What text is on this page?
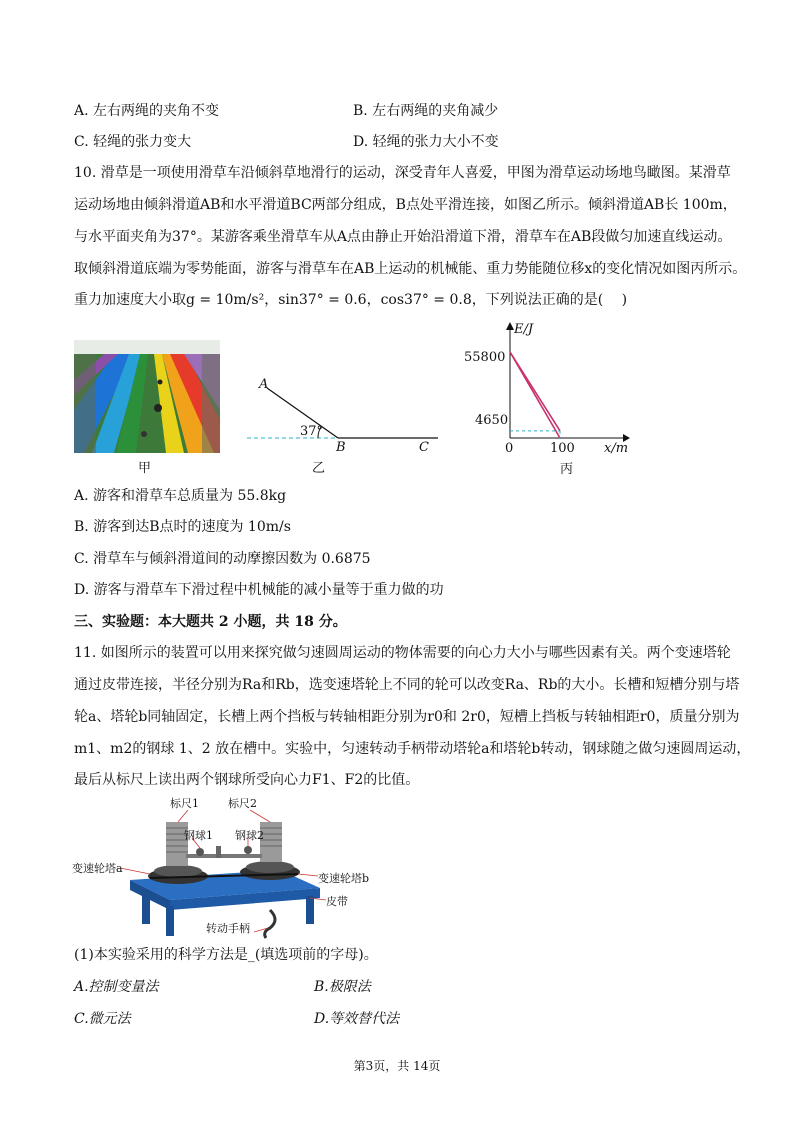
A. 左右两绳的夹角不变	B. 左右两绳的夹角减少
C. 轻绳的张力变大	D. 轻绳的张力大小不变
10. 滑草是一项使用滑草车沿倾斜草地滑行的运动，深受青年人喜爱，甲图为滑草运动场地鸟瞰图。某滑草
运动场地由倾斜滑道AB和水平滑道BC两部分组成，B点处平滑连接，如图乙所示。倾斜滑道AB长 100m，
与水平面夹角为37°。某游客乘坐滑草车从A点由静止开始沿滑道下滑，滑草车在AB段做匀加速直线运动。
取倾斜滑道底端为零势能面，游客与滑草车在AB上运动的机械能、重力势能随位移x的变化情况如图丙所示。
重力加速度大小取g = 10m/s²，sin37° = 0.6，cos37° = 0.8，下列说法正确的是(　 )
甲
A
B	C
37°
乙
E/J
55800
4650
0	100 x/m
丙
A. 游客和滑草车总质量为 55.8kg
B. 游客到达B点时的速度为 10m/s
C. 滑草车与倾斜滑道间的动摩擦因数为 0.6875
D. 游客与滑草车下滑过程中机械能的减小量等于重力做的功
三、实验题：本大题共 2 小题，共 18 分。
11. 如图所示的装置可以用来探究做匀速圆周运动的物体需要的向心力大小与哪些因素有关。两个变速塔轮
通过皮带连接，半径分别为Ra和Rb，选变速塔轮上不同的轮可以改变Ra、Rb的大小。长槽和短槽分别与塔
轮a、塔轮b同轴固定，长槽上两个挡板与转轴相距分别为r0和 2r0，短槽上挡板与转轴相距r0，质量分别为
m1、m2的钢球 1、2 放在槽中。实验中，匀速转动手柄带动塔轮a和塔轮b转动，钢球随之做匀速圆周运动，
最后从标尺上读出两个钢球所受向心力F1、F2的比值。
标尺1	标尺2
钢球1 钢球2
变速轮塔a
变速轮塔b
皮带
转动手柄
(1)本实验采用的科学方法是_(填选项前的字母)。
A.控制变量法	B.极限法
C.微元法	D.等效替代法
第3页，共 14页
